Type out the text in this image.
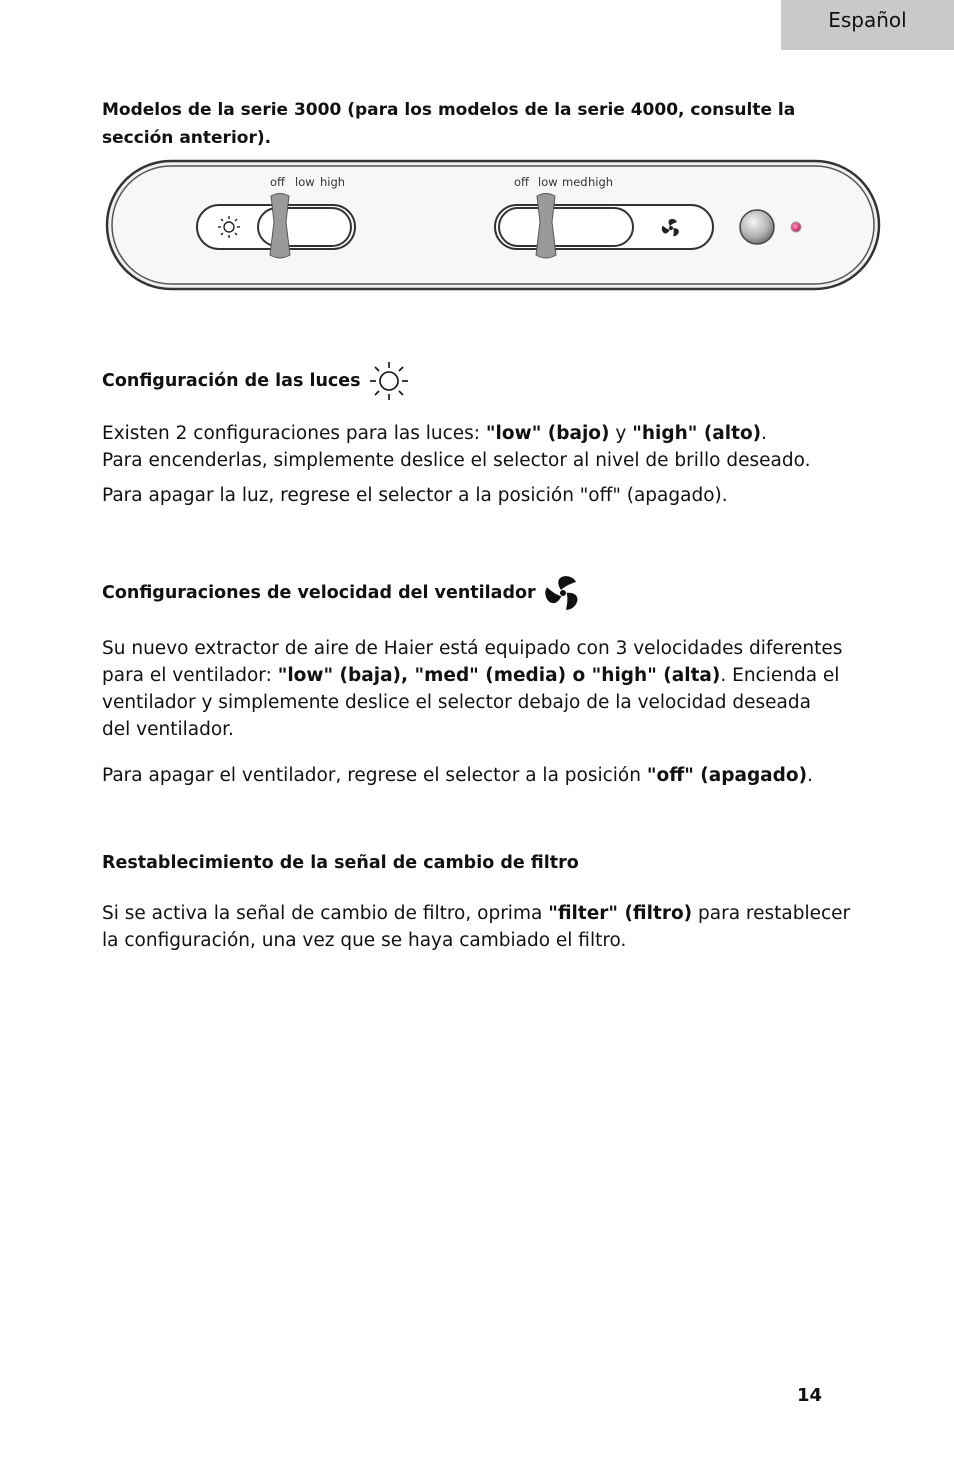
Español
Modelos de la serie 3000 (para los modelos de la serie 4000, consulte la sección anterior).
off low high	off low med high
Configuración de las luces

Existen 2 configuraciones para las luces: "low" (bajo) y "high" (alto).
Para encenderlas, simplemente deslice el selector al nivel de brillo deseado.

Para apagar la luz, regrese el selector a la posición "off" (apagado).

Configuraciones de velocidad del ventilador

Su nuevo extractor de aire de Haier está equipado con 3 velocidades diferentes para el ventilador: "low" (baja), "med" (media) o "high" (alta). Encienda el ventilador y simplemente deslice el selector debajo de la velocidad deseada
del ventilador.

Para apagar el ventilador, regrese el selector a la posición "off" (apagado).

Restablecimiento de la señal de cambio de filtro

Si se activa la señal de cambio de filtro, oprima "filter" (filtro) para restablecer la configuración, una vez que se haya cambiado el filtro.

14
